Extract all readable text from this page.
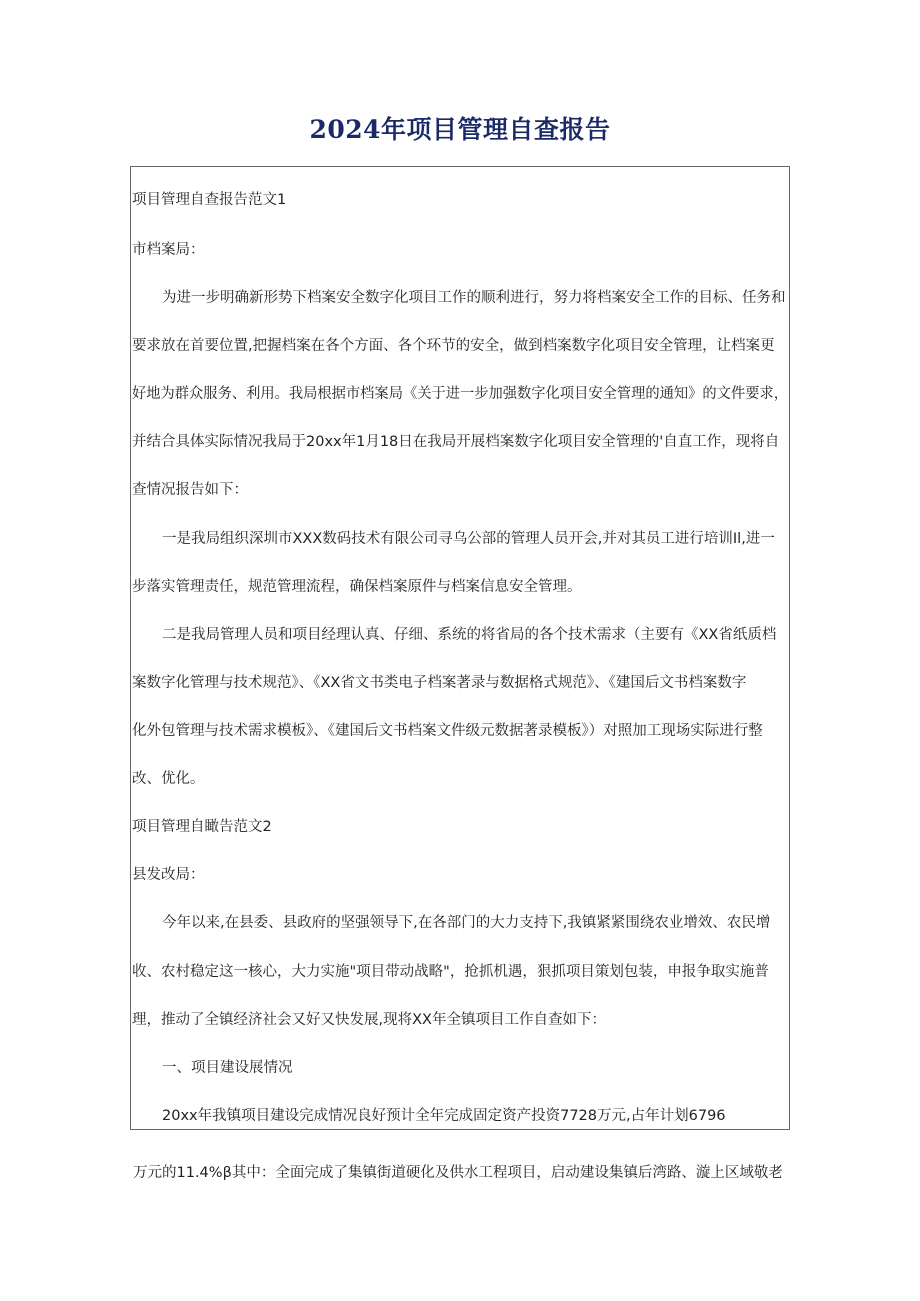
2024年项目管理自查报告
项目管理自查报告范文1
市档案局：
为进一步明确新形势下档案安全数字化项目工作的顺利进行，努力将档案安全工作的目标、任务和
要求放在首要位置,把握档案在各个方面、各个环节的安全，做到档案数字化项目安全管理，让档案更
好地为群众服务、利用。我局根据市档案局《关于进一步加强数字化项目安全管理的通知》的文件要求，
并结合具体实际情况我局于20xx年1月18日在我局开展档案数字化项目安全管理的'自直工作，现将自
查情况报告如下：
一是我局组织深圳市XXX数码技术有限公司寻乌公部的管理人员开会,并对其员工进行培训Il,进一
步落实管理责任，规范管理流程，确保档案原件与档案信息安全管理。
二是我局管理人员和项目经理认真、仔细、系统的将省局的各个技术需求（主要有《XX省纸质档
案数字化管理与技术规范》、《XX省文书类电子档案著录与数据格式规范》、《建国后文书档案数字
化外包管理与技术需求模板》、《建国后文书档案文件级元数据著录模板》）对照加工现场实际进行整
改、优化。
项目管理自瞰告范文2
县发改局：
今年以来,在县委、县政府的坚强领导下,在各部门的大力支持下,我镇紧紧围绕农业增效、农民增
收、农村稳定这一核心，大力实施"项目带动战略"，抢抓机遇，狠抓项目策划包装，申报争取实施普
理，推动了全镇经济社会又好又快发展,现将XX年全镇项目工作自查如下：
一、项目建设展情况
20xx年我镇项目建设完成情况良好预计全年完成固定资产投资7728万元,占年计划6796
万元的11.4%β其中：全面完成了集镇街道硬化及供水工程项目，启动建设集镇后湾路、漩上区域敬老
